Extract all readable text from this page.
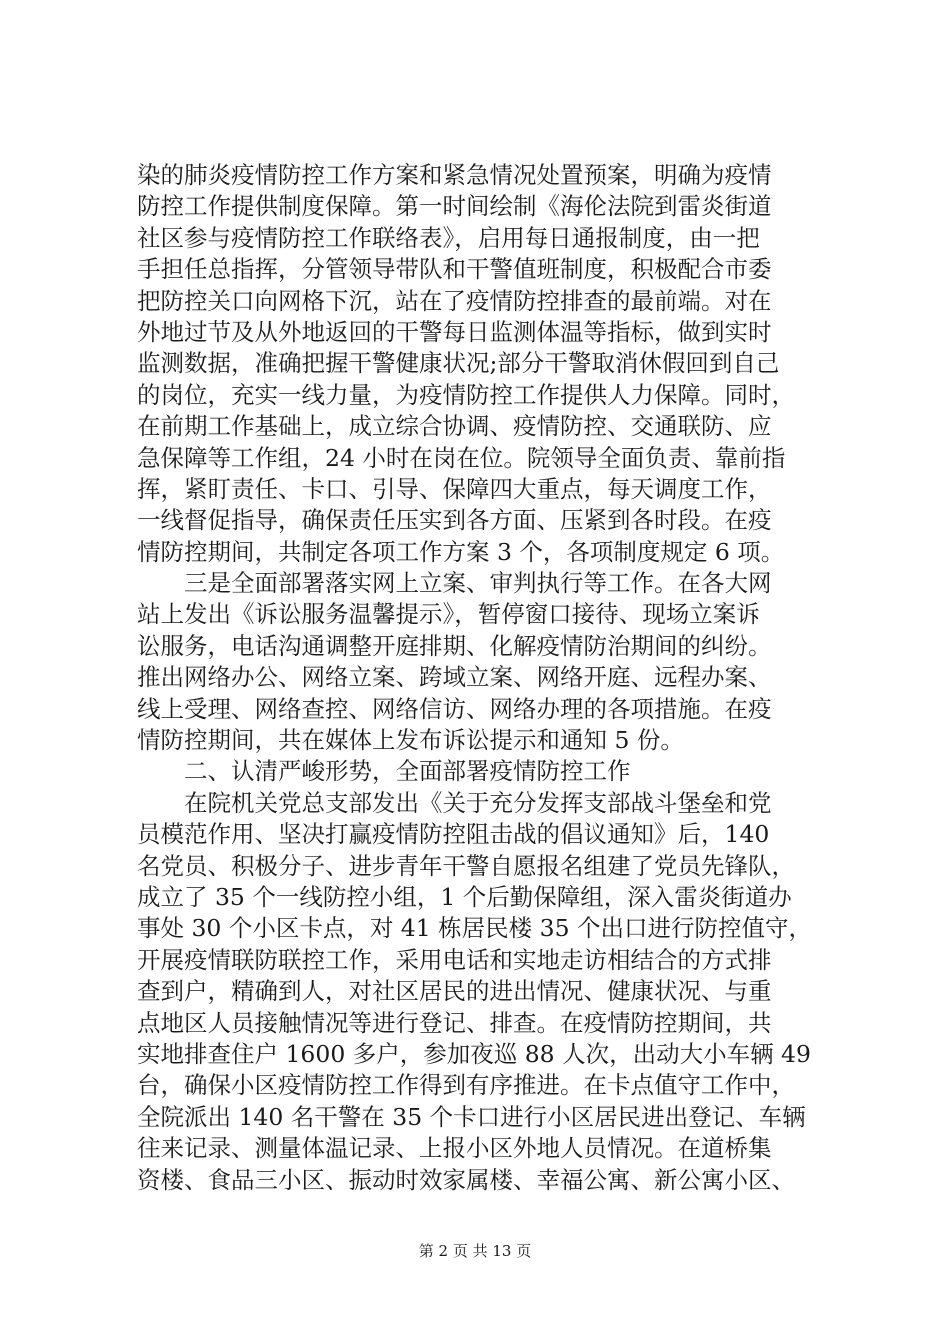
染的肺炎疫情防控工作方案和紧急情况处置预案，明确为疫情
防控工作提供制度保障。第一时间绘制《海伦法院到雷炎街道
社区参与疫情防控工作联络表》，启用每日通报制度，由一把
手担任总指挥，分管领导带队和干警值班制度，积极配合市委
把防控关口向网格下沉，站在了疫情防控排查的最前端。对在
外地过节及从外地返回的干警每日监测体温等指标，做到实时
监测数据，准确把握干警健康状况;部分干警取消休假回到自己
的岗位，充实一线力量，为疫情防控工作提供人力保障。同时，
在前期工作基础上，成立综合协调、疫情防控、交通联防、应
急保障等工作组，24 小时在岗在位。院领导全面负责、靠前指
挥，紧盯责任、卡口、引导、保障四大重点，每天调度工作，
一线督促指导，确保责任压实到各方面、压紧到各时段。在疫
情防控期间，共制定各项工作方案 3 个，各项制度规定 6 项。
　　三是全面部署落实网上立案、审判执行等工作。在各大网
站上发出《诉讼服务温馨提示》，暂停窗口接待、现场立案诉
讼服务，电话沟通调整开庭排期、化解疫情防治期间的纠纷。
推出网络办公、网络立案、跨域立案、网络开庭、远程办案、
线上受理、网络查控、网络信访、网络办理的各项措施。在疫
情防控期间，共在媒体上发布诉讼提示和通知 5 份。
　　二、认清严峻形势，全面部署疫情防控工作
　　在院机关党总支部发出《关于充分发挥支部战斗堡垒和党
员模范作用、坚决打赢疫情防控阻击战的倡议通知》后，140
名党员、积极分子、进步青年干警自愿报名组建了党员先锋队，
成立了 35 个一线防控小组，1 个后勤保障组，深入雷炎街道办
事处 30 个小区卡点，对 41 栋居民楼 35 个出口进行防控值守，
开展疫情联防联控工作，采用电话和实地走访相结合的方式排
查到户，精确到人，对社区居民的进出情况、健康状况、与重
点地区人员接触情况等进行登记、排查。在疫情防控期间，共
实地排查住户 1600 多户，参加夜巡 88 人次，出动大小车辆 49
台，确保小区疫情防控工作得到有序推进。在卡点值守工作中，
全院派出 140 名干警在 35 个卡口进行小区居民进出登记、车辆
往来记录、测量体温记录、上报小区外地人员情况。在道桥集
资楼、食品三小区、振动时效家属楼、幸福公寓、新公寓小区、
第 2 页 共 13 页
